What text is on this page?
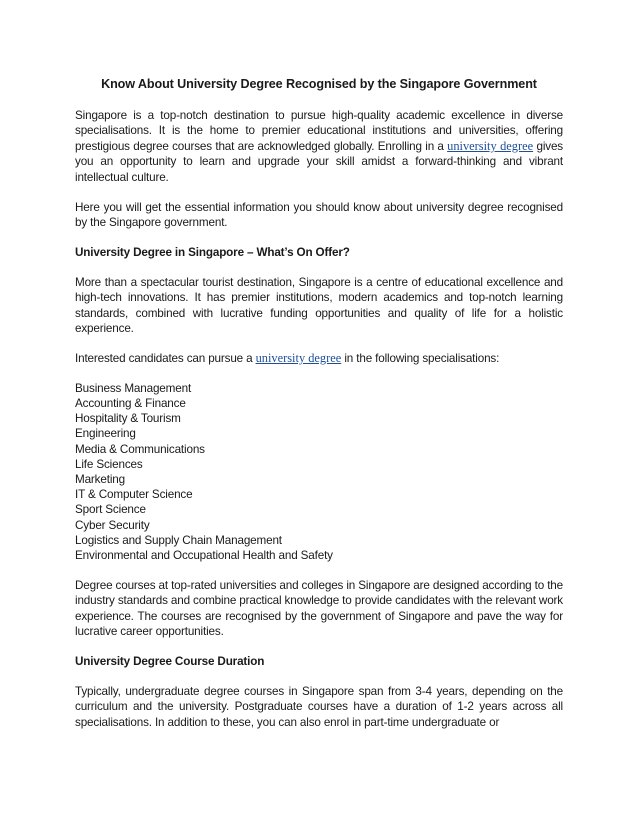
Know About University Degree Recognised by the Singapore Government

Singapore is a top-notch destination to pursue high-quality academic excellence in diverse specialisations. It is the home to premier educational institutions and universities, offering prestigious degree courses that are acknowledged globally. Enrolling in a university degree gives you an opportunity to learn and upgrade your skill amidst a forward-thinking and vibrant intellectual culture.

Here you will get the essential information you should know about university degree recognised by the Singapore government.

University Degree in Singapore – What’s On Offer?

More than a spectacular tourist destination, Singapore is a centre of educational excellence and high-tech innovations. It has premier institutions, modern academics and top-notch learning standards, combined with lucrative funding opportunities and quality of life for a holistic experience.

Interested candidates can pursue a university degree in the following specialisations:

Business Management
Accounting & Finance
Hospitality & Tourism
Engineering
Media & Communications
Life Sciences
Marketing
IT & Computer Science
Sport Science
Cyber Security
Logistics and Supply Chain Management
Environmental and Occupational Health and Safety

Degree courses at top-rated universities and colleges in Singapore are designed according to the industry standards and combine practical knowledge to provide candidates with the relevant work experience. The courses are recognised by the government of Singapore and pave the way for lucrative career opportunities.

University Degree Course Duration

Typically, undergraduate degree courses in Singapore span from 3-4 years, depending on the curriculum and the university. Postgraduate courses have a duration of 1-2 years across all specialisations. In addition to these, you can also enrol in part-time undergraduate or
